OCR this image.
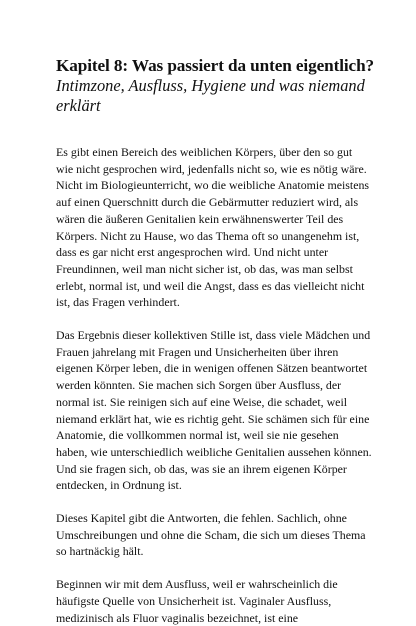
Kapitel 8: Was passiert da unten eigentlich?
Intimzone, Ausfluss, Hygiene und was niemand erklärt

Es gibt einen Bereich des weiblichen Körpers, über den so gut wie nicht gesprochen wird, jedenfalls nicht so, wie es nötig wäre. Nicht im Biologieunterricht, wo die weibliche Anatomie meistens auf einen Querschnitt durch die Gebärmutter reduziert wird, als wären die äußeren Genitalien kein erwähnenswerter Teil des Körpers. Nicht zu Hause, wo das Thema oft so unangenehm ist, dass es gar nicht erst angesprochen wird. Und nicht unter Freundinnen, weil man nicht sicher ist, ob das, was man selbst erlebt, normal ist, und weil die Angst, dass es das vielleicht nicht ist, das Fragen verhindert.

Das Ergebnis dieser kollektiven Stille ist, dass viele Mädchen und Frauen jahrelang mit Fragen und Unsicherheiten über ihren eigenen Körper leben, die in wenigen offenen Sätzen beantwortet werden könnten. Sie machen sich Sorgen über Ausfluss, der normal ist. Sie reinigen sich auf eine Weise, die schadet, weil niemand erklärt hat, wie es richtig geht. Sie schämen sich für eine Anatomie, die vollkommen normal ist, weil sie nie gesehen haben, wie unterschiedlich weibliche Genitalien aussehen können. Und sie fragen sich, ob das, was sie an ihrem eigenen Körper entdecken, in Ordnung ist.

Dieses Kapitel gibt die Antworten, die fehlen. Sachlich, ohne Umschreibungen und ohne die Scham, die sich um dieses Thema so hartnäckig hält.

Beginnen wir mit dem Ausfluss, weil er wahrscheinlich die häufigste Quelle von Unsicherheit ist. Vaginaler Ausfluss, medizinisch als Fluor vaginalis bezeichnet, ist eine
